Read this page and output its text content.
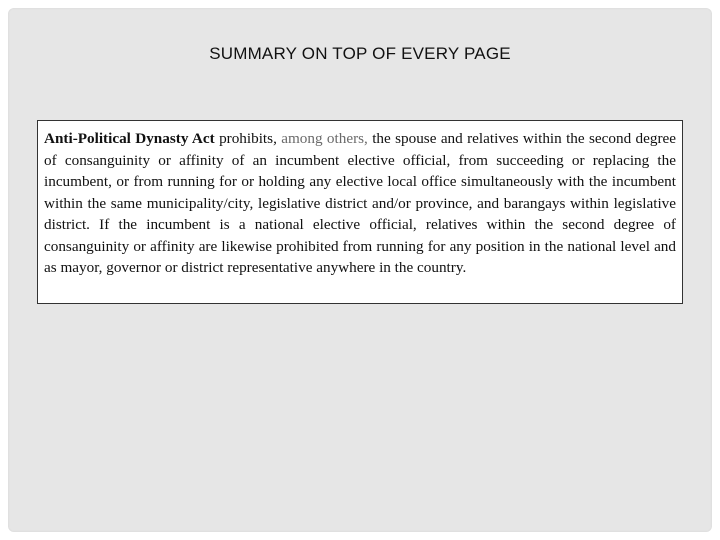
SUMMARY ON TOP OF EVERY PAGE

Anti-Political Dynasty Act prohibits, among others, the spouse and relatives within the second degree of consanguinity or affinity of an incumbent elective official, from succeeding or replacing the incumbent, or from running for or holding any elective local office simultaneously with the incumbent within the same municipality/city, legislative district and/or province, and barangays within legislative district. If the incumbent is a national elective official, relatives within the second degree of consanguinity or affinity are likewise prohibited from running for any position in the national level and as mayor, governor or district representative anywhere in the country.
